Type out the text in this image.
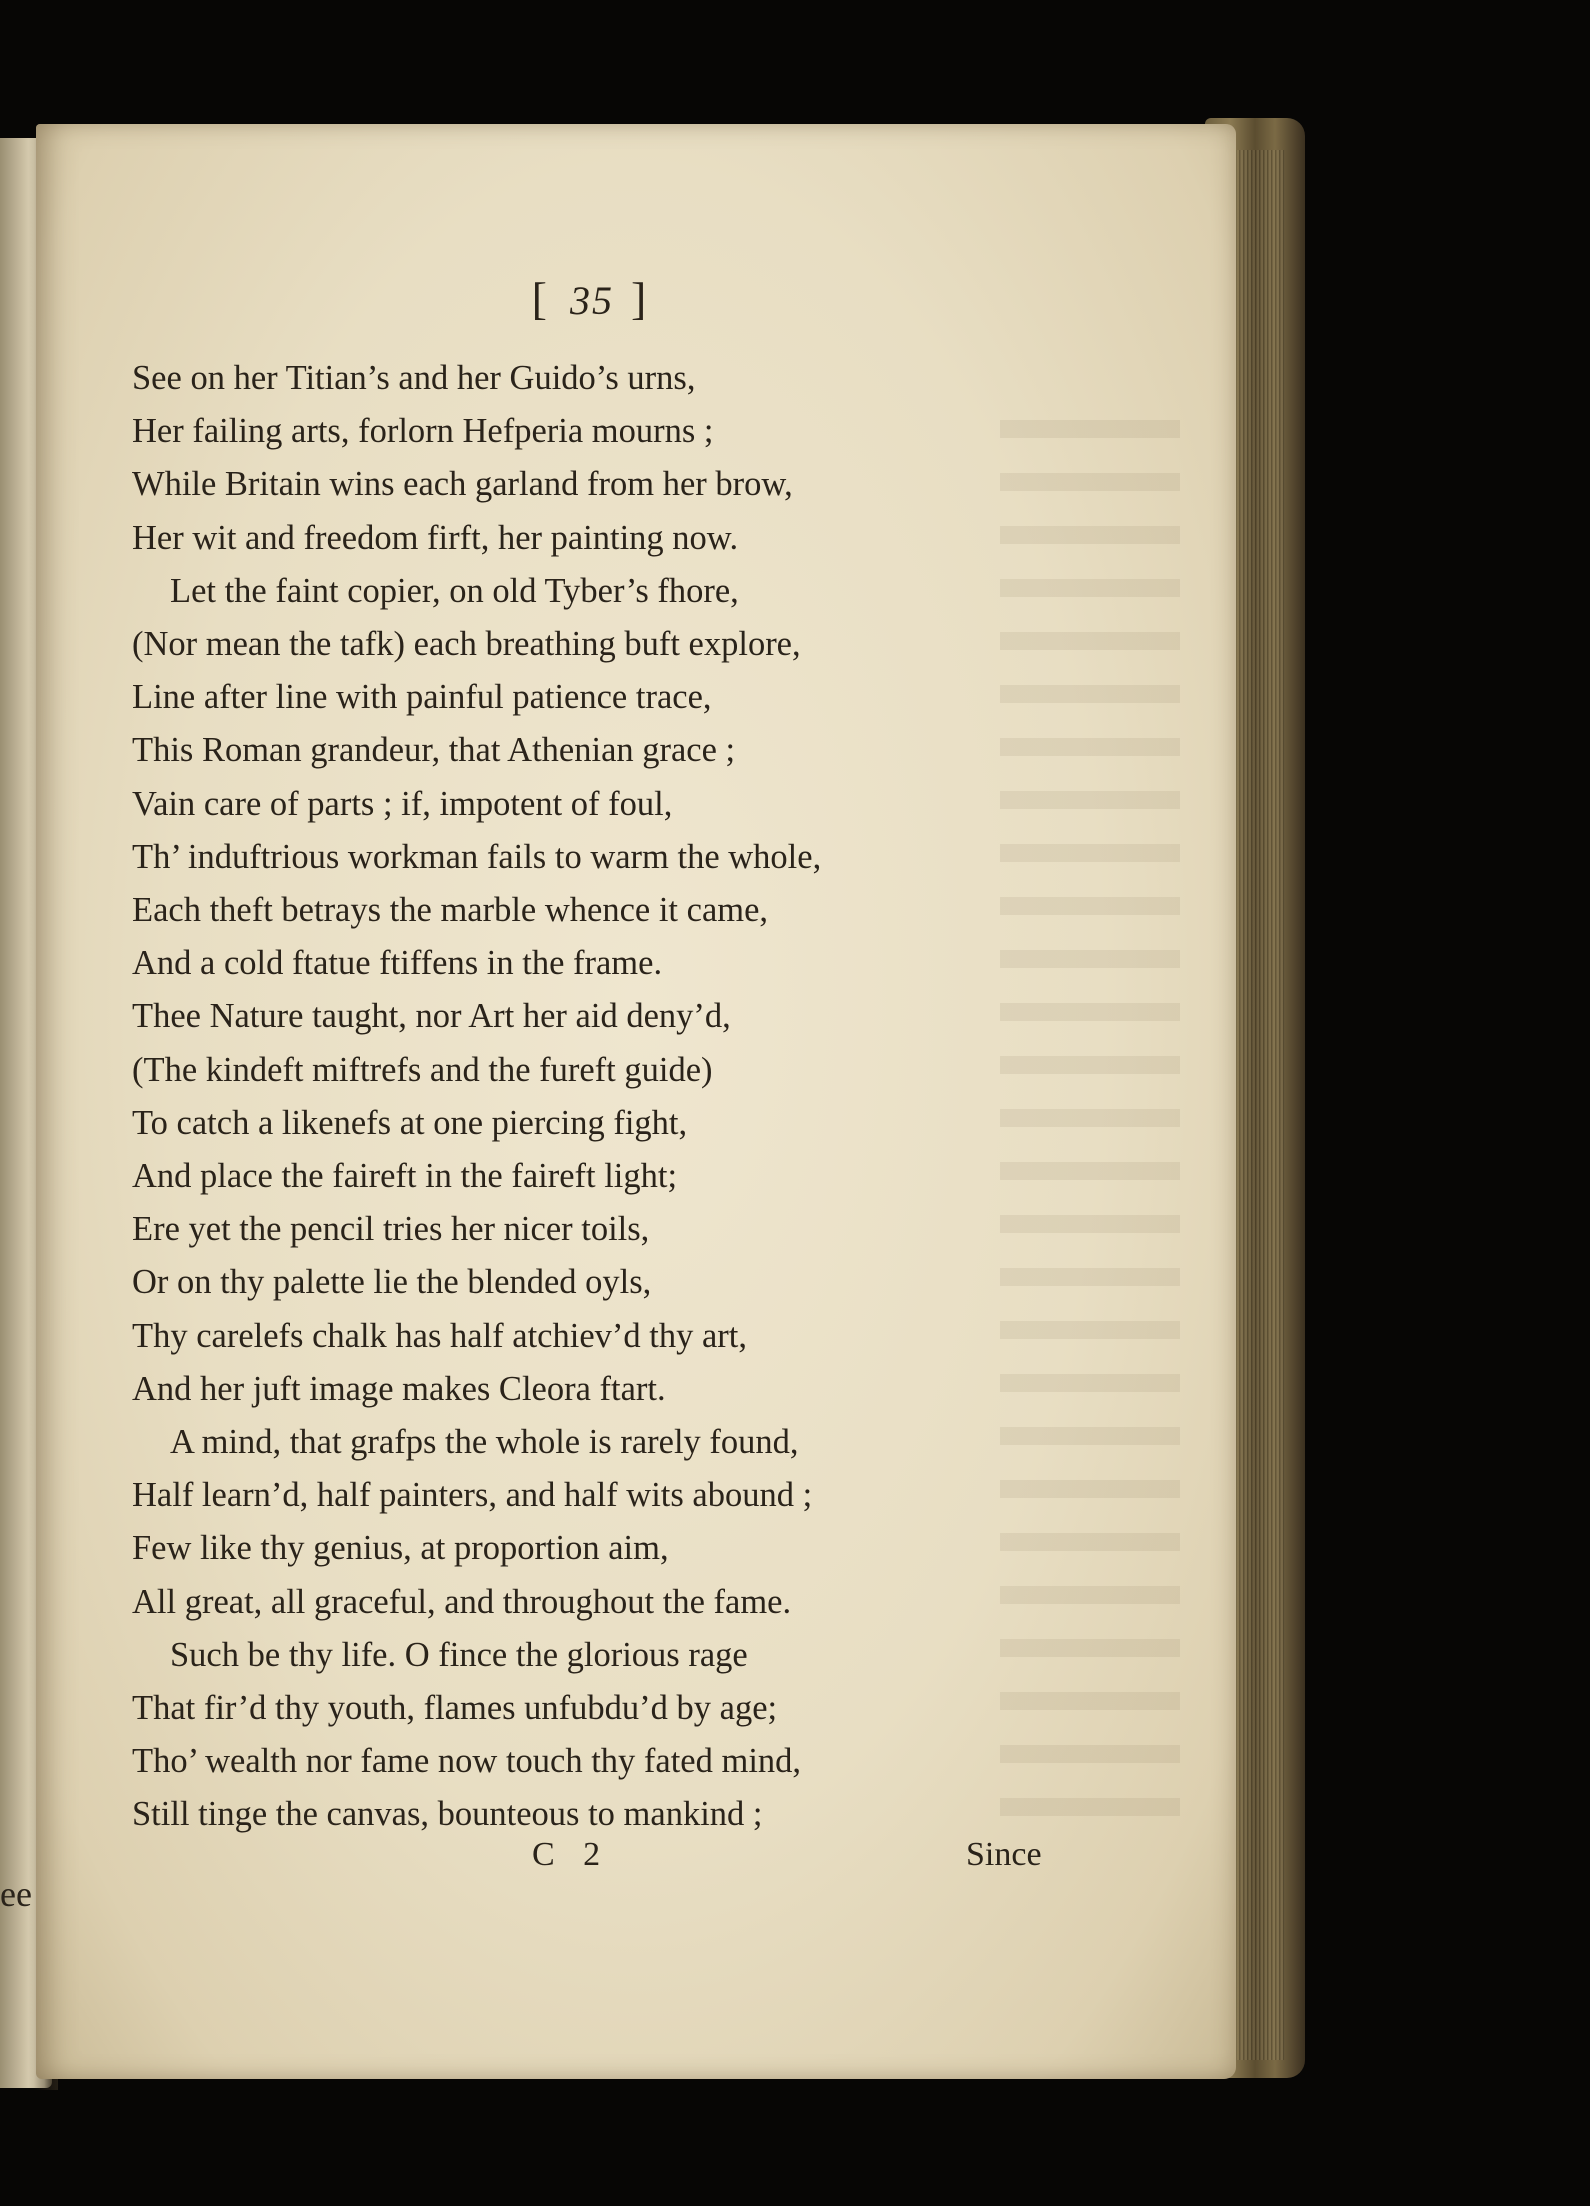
ee
[ 35 ]
See on her Titian’s and her Guido’s urns,
Her failing arts, forlorn Hefperia mourns ;
While Britain wins each garland from her brow,
Her wit and freedom firft, her painting now.
Let the faint copier, on old Tyber’s fhore,
(Nor mean the tafk) each breathing buft explore,
Line after line with painful patience trace,
This Roman grandeur, that Athenian grace ;
Vain care of parts ; if, impotent of foul,
Th’ induftrious workman fails to warm the whole,
Each theft betrays the marble whence it came,
And a cold ftatue ftiffens in the frame.
Thee Nature taught, nor Art her aid deny’d,
(The kindeft miftrefs and the fureft guide)
To catch a likenefs at one piercing fight,
And place the faireft in the faireft light;
Ere yet the pencil tries her nicer toils,
Or on thy palette lie the blended oyls,
Thy carelefs chalk has half atchiev’d thy art,
And her juft image makes Cleora ftart.
A mind, that grafps the whole is rarely found,
Half learn’d, half painters, and half wits abound ;
Few like thy genius, at proportion aim,
All great, all graceful, and throughout the fame.
Such be thy life. O fince the glorious rage
That fir’d thy youth, flames unfubdu’d by age;
Tho’ wealth nor fame now touch thy fated mind,
Still tinge the canvas, bounteous to mankind ;
C 2	Since
